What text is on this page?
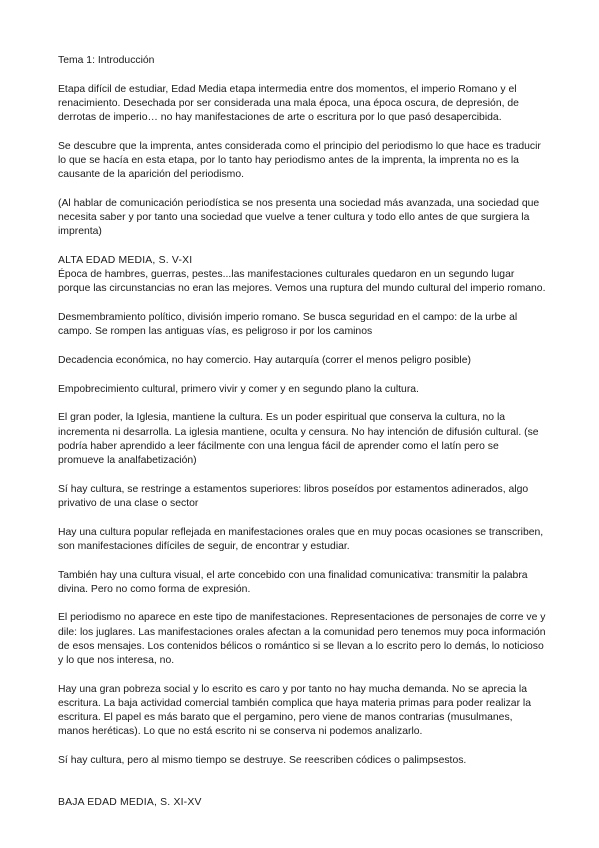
Tema 1: Introducción

Etapa difícil de estudiar, Edad Media etapa intermedia entre dos momentos, el imperio Romano y el renacimiento. Desechada por ser considerada una mala época, una época oscura, de depresión, de derrotas de imperio… no hay manifestaciones de arte o escritura por lo que pasó desapercibida.

Se descubre que la imprenta, antes considerada como el principio del periodismo lo que hace es traducir lo que se hacía en esta etapa, por lo tanto hay periodismo antes de la imprenta, la imprenta no es la causante de la aparición del periodismo.

(Al hablar de comunicación periodística se nos presenta una sociedad más avanzada, una sociedad que necesita saber y por tanto una sociedad que vuelve a tener cultura y todo ello antes de que surgiera la imprenta)

ALTA EDAD MEDIA, S. V-XI

Época de hambres, guerras, pestes...las manifestaciones culturales quedaron en un segundo lugar porque las circunstancias no eran las mejores. Vemos una ruptura del mundo cultural del imperio romano.

Desmembramiento político, división imperio romano. Se busca seguridad en el campo: de la urbe al campo. Se rompen las antiguas vías, es peligroso ir por los caminos

Decadencia económica, no hay comercio. Hay autarquía (correr el menos peligro posible)

Empobrecimiento cultural, primero vivir y comer y en segundo plano la cultura.

El gran poder, la Iglesia, mantiene la cultura. Es un poder espiritual que conserva la cultura, no la incrementa ni desarrolla. La iglesia mantiene, oculta y censura. No hay intención de difusión cultural. (se podría haber aprendido a leer fácilmente con una lengua fácil de aprender como el latín pero se promueve la analfabetización)

Sí hay cultura, se restringe a estamentos superiores: libros poseídos por estamentos adinerados, algo privativo de una clase o sector

Hay una cultura popular reflejada en manifestaciones orales que en muy pocas ocasiones se transcriben, son manifestaciones difíciles de seguir, de encontrar y estudiar.

También hay una cultura visual, el arte concebido con una finalidad comunicativa: transmitir la palabra divina. Pero no como forma de expresión.

El periodismo no aparece en este tipo de manifestaciones. Representaciones de personajes de corre ve y dile: los juglares. Las manifestaciones orales afectan a la comunidad pero tenemos muy poca información de esos mensajes. Los contenidos bélicos o romántico si se llevan a lo escrito pero lo demás, lo noticioso y lo que nos interesa, no.

Hay una gran pobreza social y lo escrito es caro y por tanto no hay mucha demanda. No se aprecia la escritura. La baja actividad comercial también complica que haya materia primas para poder realizar la escritura. El papel es más barato que el pergamino, pero viene de manos contrarias (musulmanes, manos heréticas). Lo que no está escrito ni se conserva ni podemos analizarlo.

Sí hay cultura, pero al mismo tiempo se destruye. Se reescriben códices o palimpsestos.

BAJA EDAD MEDIA, S. XI-XV
